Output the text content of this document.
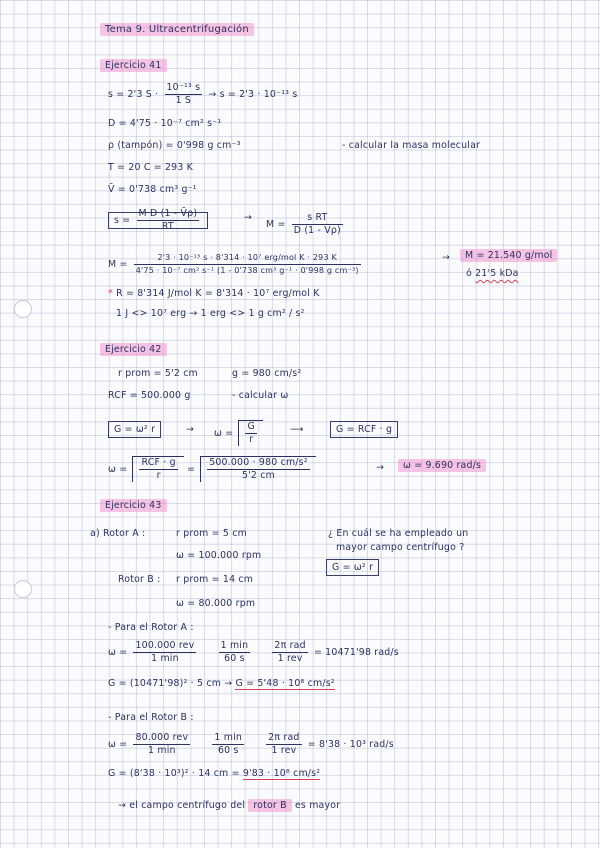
Tema 9. Ultracentrifugación
Ejercicio 41
s = 2'3 $S \cdot \frac{\text{10⁻¹³ s}}{1 S} \to s = 2'3 \cdot 10^{-13}$ s
D = 4'75 · 10⁻⁷ cm² s⁻¹
ρ (tampón) = 0'998 g cm⁻³	- calcular la masa molecular
T = 20 C = 293 K
V̄ = 0'738 cm³ g⁻¹
$s = \frac{\text{M D (1 - V̄ρ)}}{RT}$	→
$M = \frac{\text{s RT}}{D (1 - V̄\rho)}$
$M = \frac{\text{2'3 · 10⁻¹³ s · 8'314 · 10⁷ erg/mol K · 293 K}}{\text{4'75 · 10⁻⁷ cm² s⁻¹ (1 - 0'738 cm³ g⁻¹ · 0'998 g cm⁻³)}}$	→	M = 21.540 g/mol
ó 21'5 kDa
* R = 8'314 J/mol K = 8'314 · 10⁷ erg/mol K
1 J <> 10⁷ erg → 1 erg <> 1 g cm² / s²
Ejercicio 42
r prom = 5'2 cm	g = 980 cm/s²
RCF = 500.000 g	- calcular ω
G = ω² r	→ $\omega = \frac{G}{r}$	⟶	G = RCF · g
$\omega = \frac{\text{RCF · g}}{r} = \frac{\text{500.000 · 980 cm/s²}}{5'2 cm}$	→	ω = 9.690 rad/s
Ejercicio 43
a) Rotor A :	r prom = 5 cm	¿ En cuál se ha empleado un
mayor campo centrífugo ?
ω = 100.000 rpm
Rotor B : r prom = 14 cm
G = ω² r
ω = 80.000 rpm
- Para el Rotor A :
$\omega = \frac{\text{100.000 rev}}{1 \min}$
$\frac{1 \min}{60 s}$
$\frac{\text{2π rad}}{\text{1 rev}} = 10471'98$ rad/s
G = (10471'98)² · 5 cm → G = 5'48 · 10⁸ cm/s²
- Para el Rotor B :
$\omega = \frac{\text{80.000 rev}}{1 \min}$
$\frac{1 \min}{60 s}$
$\frac{\text{2π rad}}{\text{1 rev}} = 8'38 \cdot 10^3$ rad/s
G = (8'38 · 10³)² · 14 cm = 9'83 · 10⁸ cm/s²
→ el campo centrífugo del rotor B es mayor
